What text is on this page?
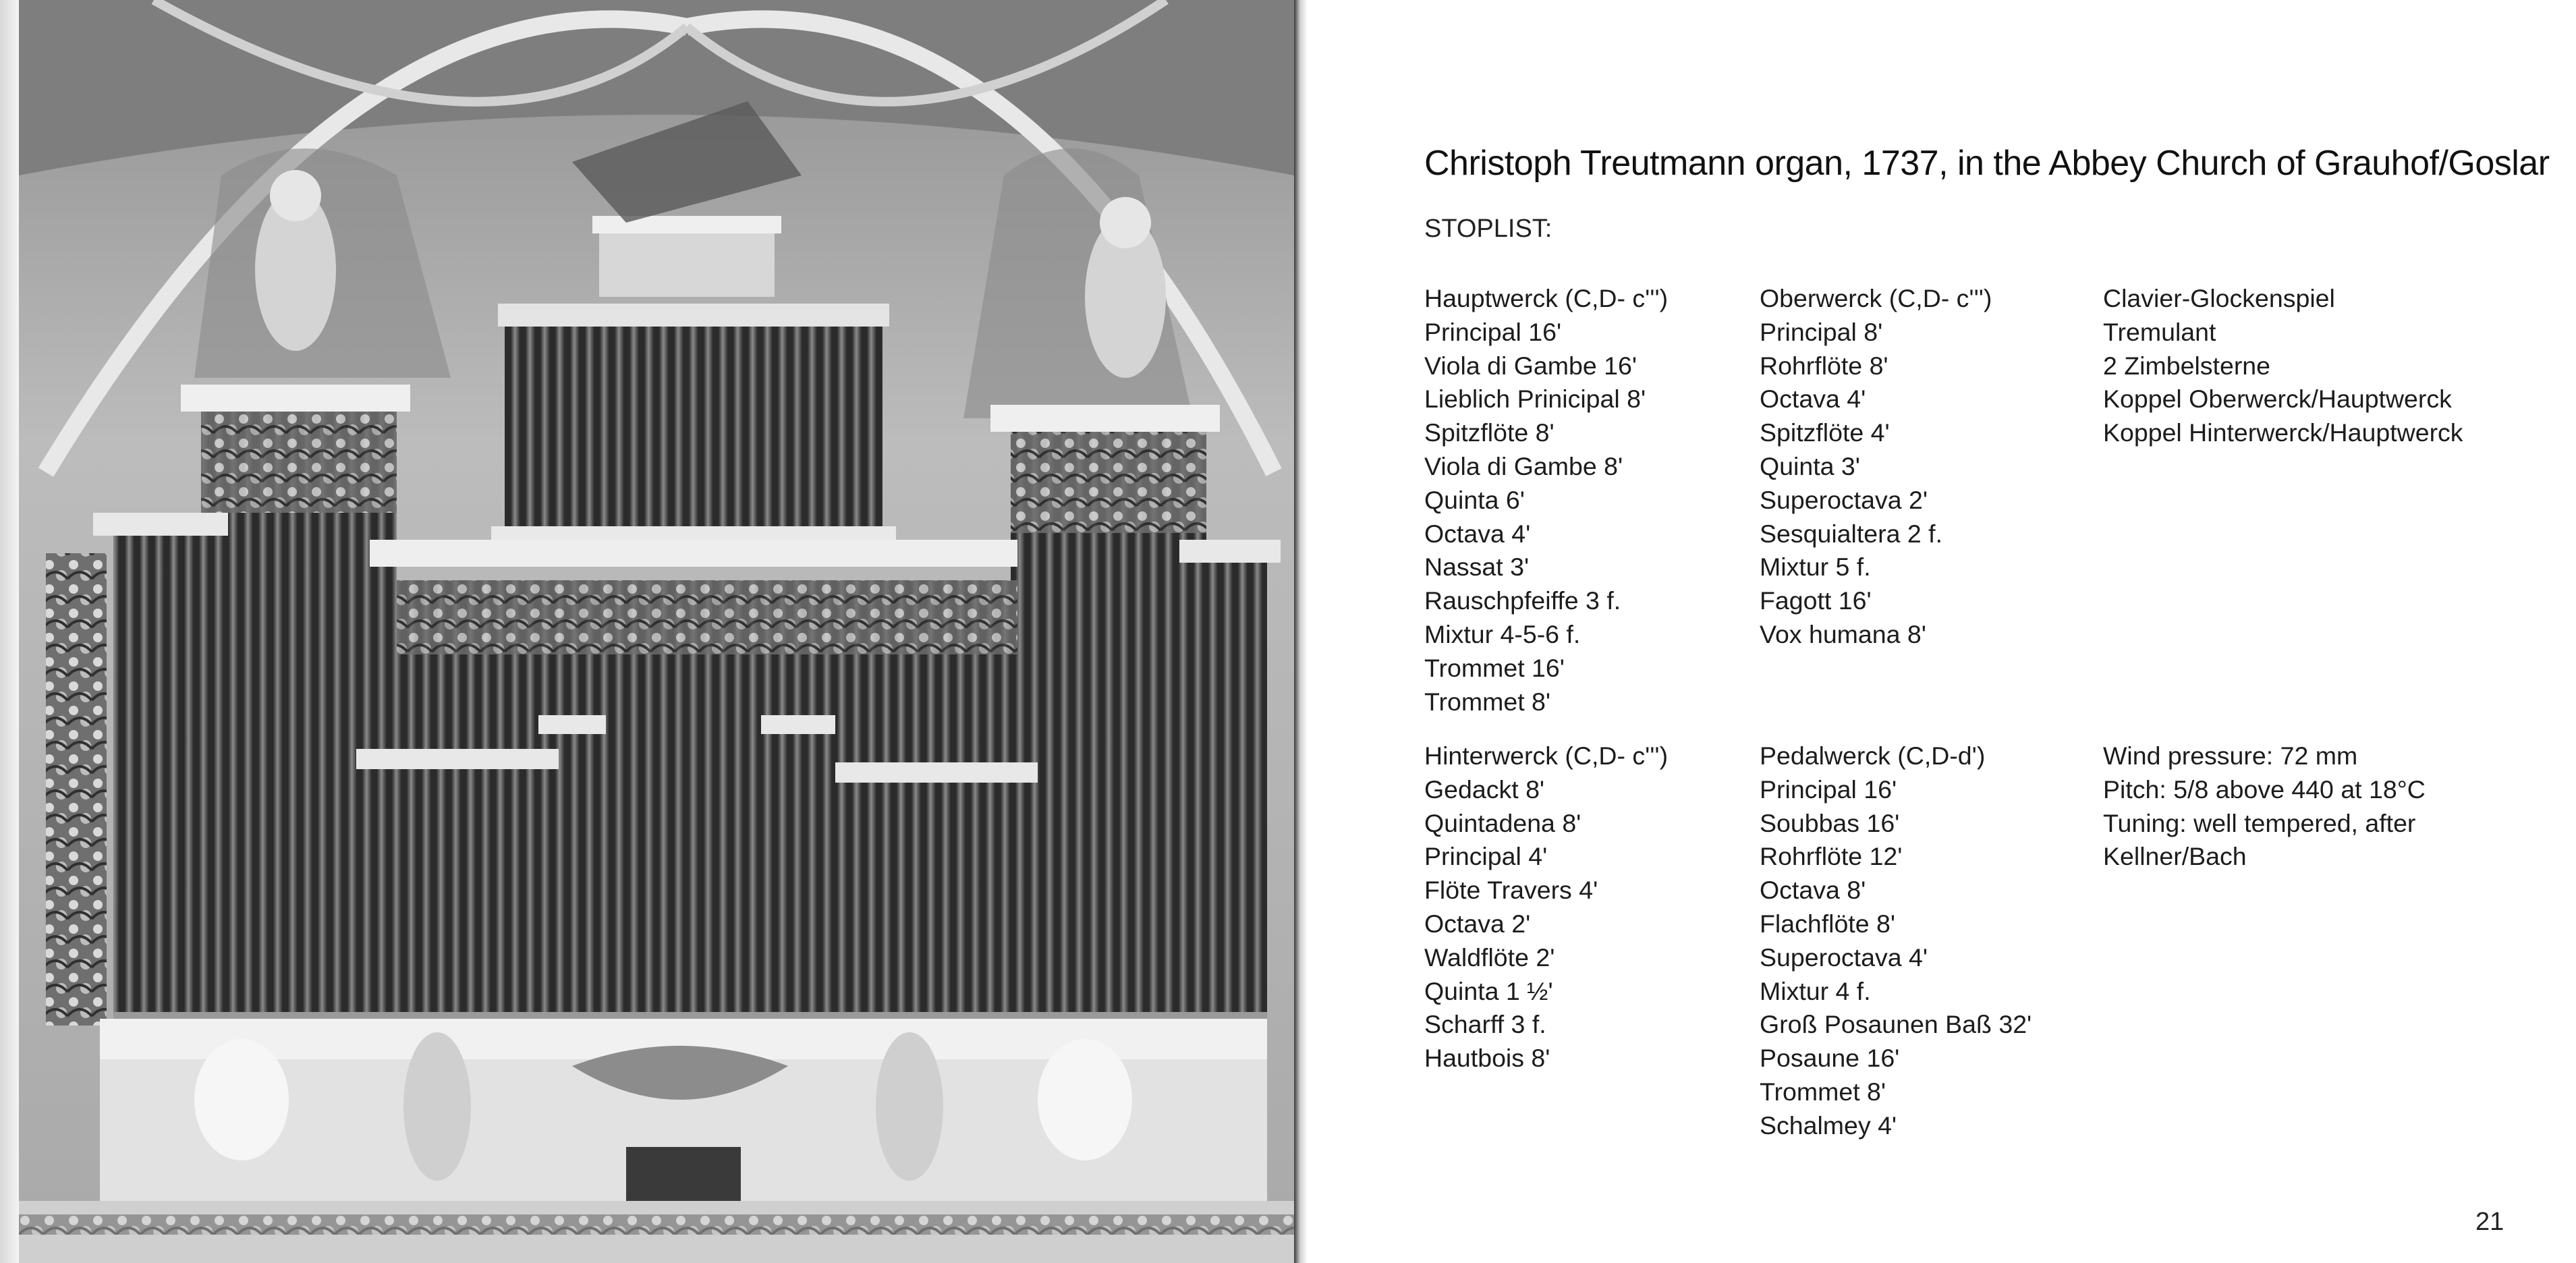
Christoph Treutmann organ, 1737, in the Abbey Church of Grauhof/Goslar
STOPLIST:
Hauptwerck (C,D- c''')
Principal 16'
Viola di Gambe 16'
Lieblich Prinicipal 8'
Spitzflöte 8'
Viola di Gambe 8'
Quinta 6'
Octava 4'
Nassat 3'
Rauschpfeiffe 3 f.
Mixtur 4-5-6 f.
Trommet 16'
Trommet 8'
Oberwerck (C,D- c''')
Principal 8'
Rohrflöte 8'
Octava 4'
Spitzflöte 4'
Quinta 3'
Superoctava 2'
Sesquialtera 2 f.
Mixtur 5 f.
Fagott 16'
Vox humana 8'
Clavier-Glockenspiel
Tremulant
2 Zimbelsterne
Koppel Oberwerck/Hauptwerck
Koppel Hinterwerck/Hauptwerck
Hinterwerck (C,D- c''')
Gedackt 8'
Quintadena 8'
Principal 4'
Flöte Travers 4'
Octava 2'
Waldflöte 2'
Quinta 1 ½'
Scharff 3 f.
Hautbois 8'
Pedalwerck (C,D-d')
Principal 16'
Soubbas 16'
Rohrflöte 12'
Octava 8'
Flachflöte 8'
Superoctava 4'
Mixtur 4 f.
Groß Posaunen Baß 32'
Posaune 16'
Trommet 8'
Schalmey 4'
Wind pressure: 72 mm
Pitch: 5/8 above 440 at 18°C
Tuning: well tempered, after
Kellner/Bach
21
